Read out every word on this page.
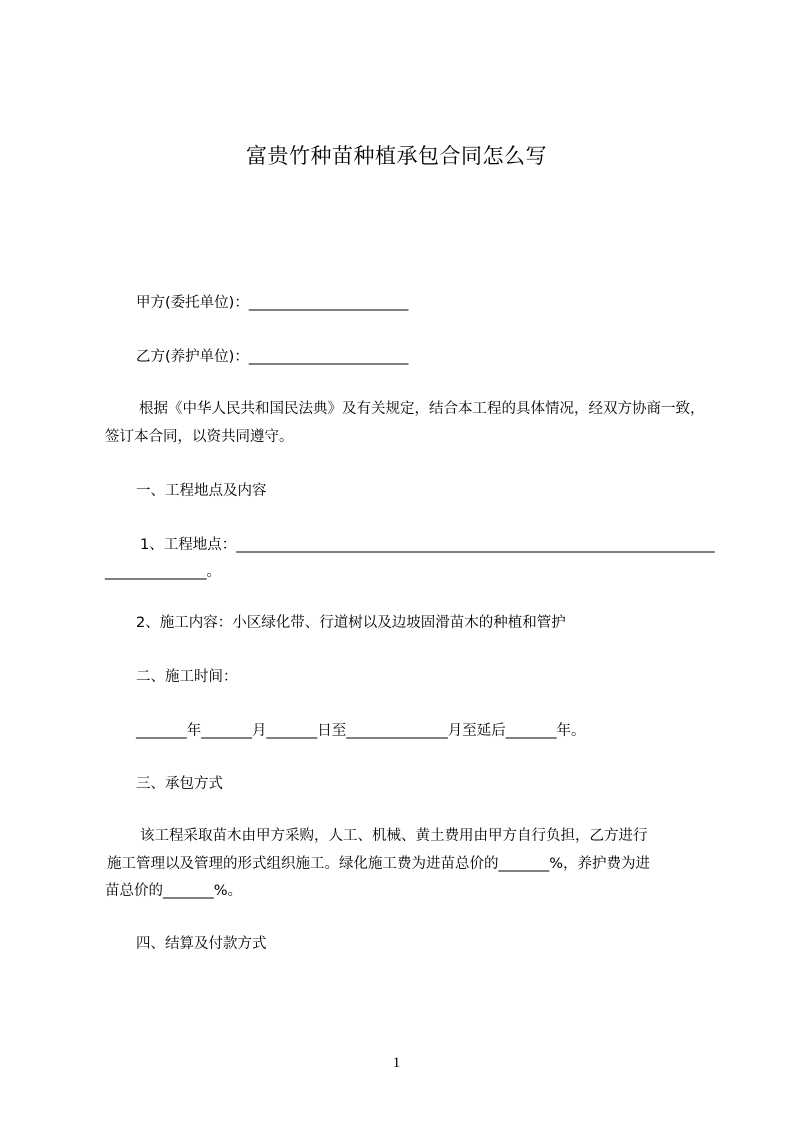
富贵竹种苗种植承包合同怎么写
甲方(委托单位)：______________________
乙方(养护单位)：______________________
根据《中华人民共和国民法典》及有关规定，结合本工程的具体情况，经双方协商一致，签订本合同，以资共同遵守。
一、工程地点及内容
1、工程地点：__________________________________________________________________
______________。
2、施工内容：小区绿化带、行道树以及边坡固滑苗木的种植和管护
二、施工时间：
_______年_______月_______日至______________月至延后_______年。
三、承包方式
该工程采取苗木由甲方采购，人工、机械、黄土费用由甲方自行负担，乙方进行
施工管理以及管理的形式组织施工。绿化施工费为进苗总价的_______%，养护费为进
苗总价的_______%。
四、结算及付款方式
1
